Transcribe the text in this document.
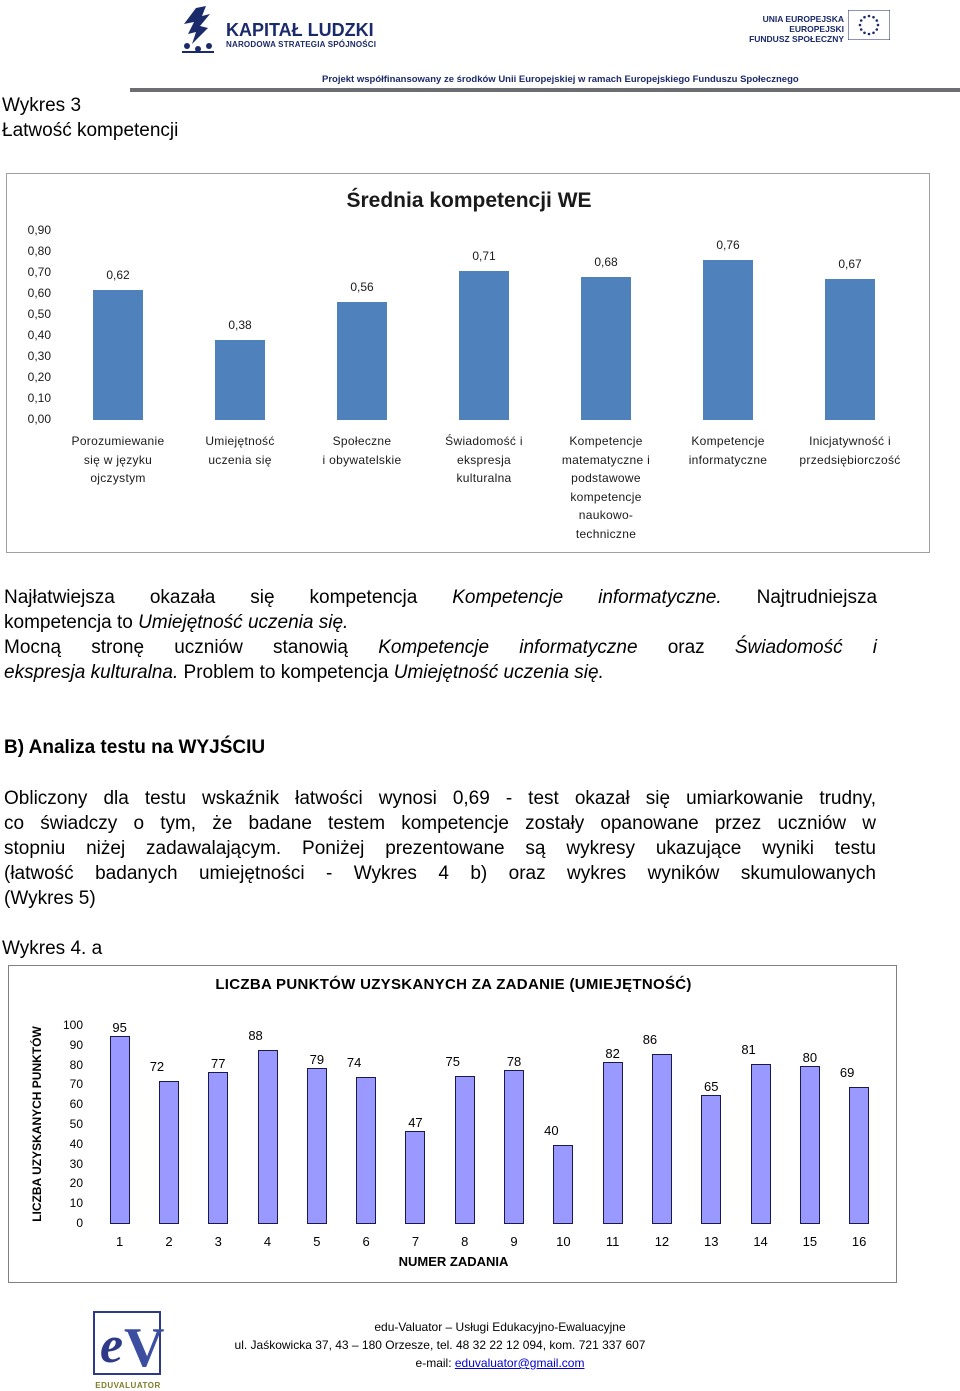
KAPITAŁ LUDZKI
NARODOWA STRATEGIA SPÓJNOŚCI
UNIA EUROPEJSKA
EUROPEJSKI
FUNDUSZ SPOŁECZNY
Projekt współfinansowany ze środków Unii Europejskiej w ramach Europejskiego Funduszu Społecznego
Wykres 3
Łatwość kompetencji
Średnia kompetencji WE
0,00
0,10
0,20
0,30
0,40
0,50
0,60
0,70
0,80
0,90
0,62
Porozumiewanie
się w języku
ojczystym
0,38
Umiejętność
uczenia się
0,56
Społeczne
i obywatelskie
0,71
Świadomość i
ekspresja
kulturalna
0,68
Kompetencje
matematyczne i
podstawowe
kompetencje
naukowo-
techniczne
0,76
Kompetencje
informatyczne
0,67
Inicjatywność i
przedsiębiorczość
Najłatwiejsza okazała się kompetencja Kompetencje informatyczne. Najtrudniejsza
kompetencja to Umiejętność uczenia się.
Mocną stronę uczniów stanowią Kompetencje informatyczne oraz Świadomość i
ekspresja kulturalna. Problem to kompetencja Umiejętność uczenia się.
B) Analiza testu na WYJŚCIU
Obliczony dla testu wskaźnik łatwości wynosi 0,69 - test okazał się umiarkowanie trudny,
co świadczy o tym, że badane testem kompetencje zostały opanowane przez uczniów w
stopniu niżej zadawalającym. Poniżej prezentowane są wykresy ukazujące wyniki testu
(łatwość badanych umiejętności - Wykres 4 b) oraz wykres wyników skumulowanych
(Wykres 5)
Wykres 4. a
LICZBA PUNKTÓW UZYSKANYCH ZA ZADANIE (UMIEJĘTNOŚĆ)
NUMER ZADANIA
LICZBA UZYSKANYCH PUNKTÓW
0
10
20
30
40
50
60
70
80
90
100	95
1
72
2
77
3
88
4
79
5
74
6
47
7
75
8
78
9
40
10
82
11
86
12
65
13
81
14
80
15
69
16
e V
EDUVALUATOR
edu-Valuator – Usługi Edukacyjno-Ewaluacyjne
ul. Jaśkowicka 37, 43 – 180 Orzesze, tel. 48 32 22 12 094, kom. 721 337 607
e-mail: eduvaluator@gmail.com
